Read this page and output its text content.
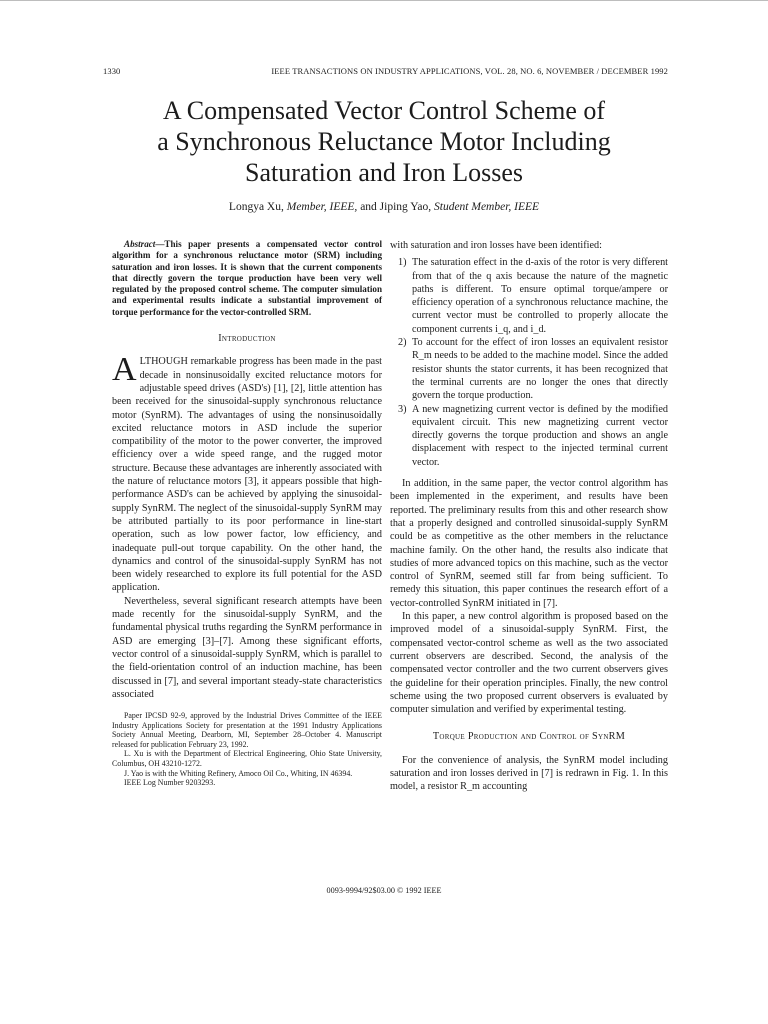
1330	IEEE TRANSACTIONS ON INDUSTRY APPLICATIONS, VOL. 28, NO. 6, NOVEMBER / DECEMBER 1992
A Compensated Vector Control Scheme of
a Synchronous Reluctance Motor Including
Saturation and Iron Losses
Longya Xu, Member, IEEE, and Jiping Yao, Student Member, IEEE

Abstract—This paper presents a compensated vector control algorithm for a synchronous reluctance motor (SRM) including saturation and iron losses. It is shown that the current components that directly govern the torque production have been very well regulated by the proposed control scheme. The computer simulation and experimental results indicate a substantial improvement of torque performance for the vector-controlled SRM.

Introduction

ALTHOUGH remarkable progress has been made in the past decade in nonsinusoidally excited reluctance motors for adjustable speed drives (ASD's) [1], [2], little attention has been received for the sinusoidal-supply synchronous reluctance motor (SynRM). The advantages of using the nonsinusoidally excited reluctance motors in ASD include the superior compatibility of the motor to the power converter, the improved efficiency over a wide speed range, and the rugged motor structure. Because these advantages are inherently associated with the nature of reluctance motors [3], it appears possible that high-performance ASD's can be achieved by applying the sinusoidal-supply SynRM. The neglect of the sinusoidal-supply SynRM may be attributed partially to its poor performance in line-start operation, such as low power factor, low efficiency, and inadequate pull-out torque capability. On the other hand, the dynamics and control of the sinusoidal-supply SynRM has not been widely researched to explore its full potential for the ASD application.

Nevertheless, several significant research attempts have been made recently for the sinusoidal-supply SynRM, and the fundamental physical truths regarding the SynRM performance in ASD are emerging [3]–[7]. Among these significant efforts, vector control of a sinusoidal-supply SynRM, which is parallel to the field-orientation control of an induction machine, has been discussed in [7], and several important steady-state characteristics associated

Paper IPCSD 92-9, approved by the Industrial Drives Committee of the IEEE Industry Applications Society for presentation at the 1991 Industry Applications Society Annual Meeting, Dearborn, MI, September 28–October 4. Manuscript released for publication February 23, 1992.

L. Xu is with the Department of Electrical Engineering, Ohio State University, Columbus, OH 43210-1272.

J. Yao is with the Whiting Refinery, Amoco Oil Co., Whiting, IN 46394.

IEEE Log Number 9203293.

with saturation and iron losses have been identified:

1) The saturation effect in the d-axis of the rotor is very different from that of the q axis because the nature of the magnetic paths is different. To ensure optimal torque/ampere or efficiency operation of a synchronous reluctance machine, the current vector must be controlled to properly allocate the component currents i_q, and i_d.
2) To account for the effect of iron losses an equivalent resistor R_m needs to be added to the machine model. Since the added resistor shunts the stator currents, it has been recognized that the terminal currents are no longer the ones that directly govern the torque production.
3) A new magnetizing current vector is defined by the modified equivalent circuit. This new magnetizing current vector directly governs the torque production and shows an angle displacement with respect to the injected terminal current vector.

In addition, in the same paper, the vector control algorithm has been implemented in the experiment, and results have been reported. The preliminary results from this and other research show that a properly designed and controlled sinusoidal-supply SynRM could be as competitive as the other members in the reluctance machine family. On the other hand, the results also indicate that studies of more advanced topics on this machine, such as the vector control of SynRM, seemed still far from being sufficient. To remedy this situation, this paper continues the research effort of a vector-controlled SynRM initiated in [7].

In this paper, a new control algorithm is proposed based on the improved model of a sinusoidal-supply SynRM. First, the compensated vector-control scheme as well as the two associated current observers are described. Second, the analysis of the compensated vector controller and the two current observers gives the guideline for their operation principles. Finally, the new control scheme using the two proposed current observers is evaluated by computer simulation and verified by experimental testing.

Torque Production and Control of SynRM

For the convenience of analysis, the SynRM model including saturation and iron losses derived in [7] is redrawn in Fig. 1. In this model, a resistor R_m accounting

0093-9994/92$03.00 © 1992 IEEE
